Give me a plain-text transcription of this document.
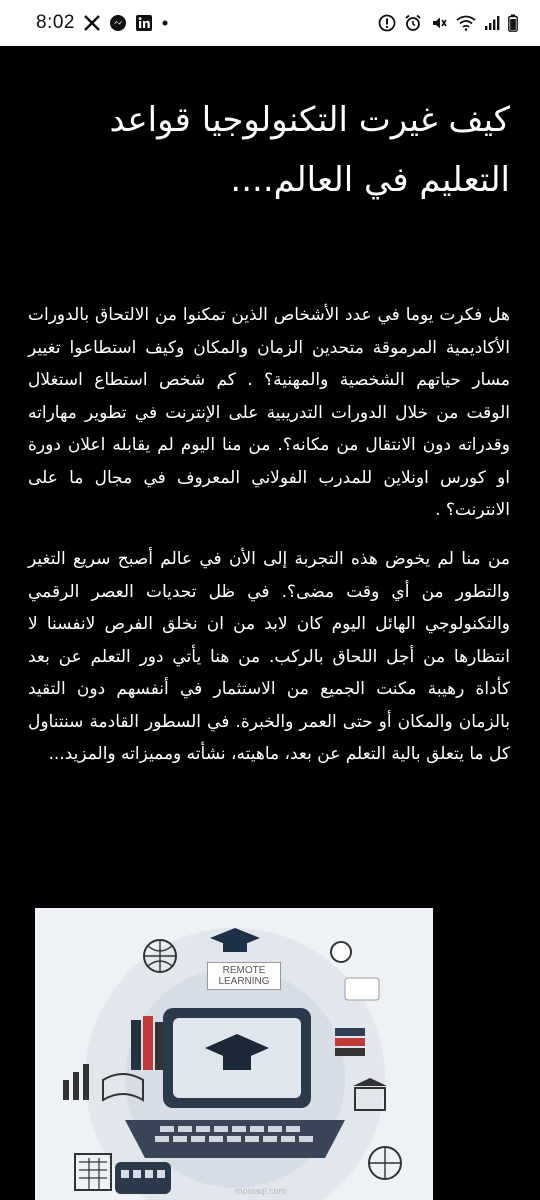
8:02
كيف غيرت التكنولوجيا قواعد التعليم في العالم....

هل فكرت يوما في عدد الأشخاص الذين تمكنوا من الالتحاق بالدورات الأكاديمية المرموقة متحدين الزمان والمكان وكيف استطاعوا تغيير مسار حياتهم الشخصية والمهنية؟ . كم شخص استطاع استغلال الوقت من خلال الدورات التدريبية على الإنترنت في تطوير مهاراته وقدراته دون الانتقال من مكانه؟. من منا اليوم لم يقابله اعلان دورة او كورس اونلاين للمدرب الفولاني المعروف في مجال ما على الانترنت؟ .

من منا لم يخوض هذه التجربة إلى الأن في عالم أصبح سريع التغير والتطور من أي وقت مضى؟. في ظل تحديات العصر الرقمي والتكنولوجي الهائل اليوم كان لابد من ان نخلق الفرص لانفسنا لا انتظارها من أجل اللحاق بالركب. من هنا يأتي دور التعلم عن بعد كأداة رهيبة مكنت الجميع من الاستثمار في أنفسهم دون التقيد بالزمان والمكان أو حتى العمر والخبرة. في السطور القادمة سنتناول كل ما يتعلق بالية التعلم عن بعد، ماهيته، نشأته ومميزاته والمزيد...

REMOTE LEARNING
mostaql.com
